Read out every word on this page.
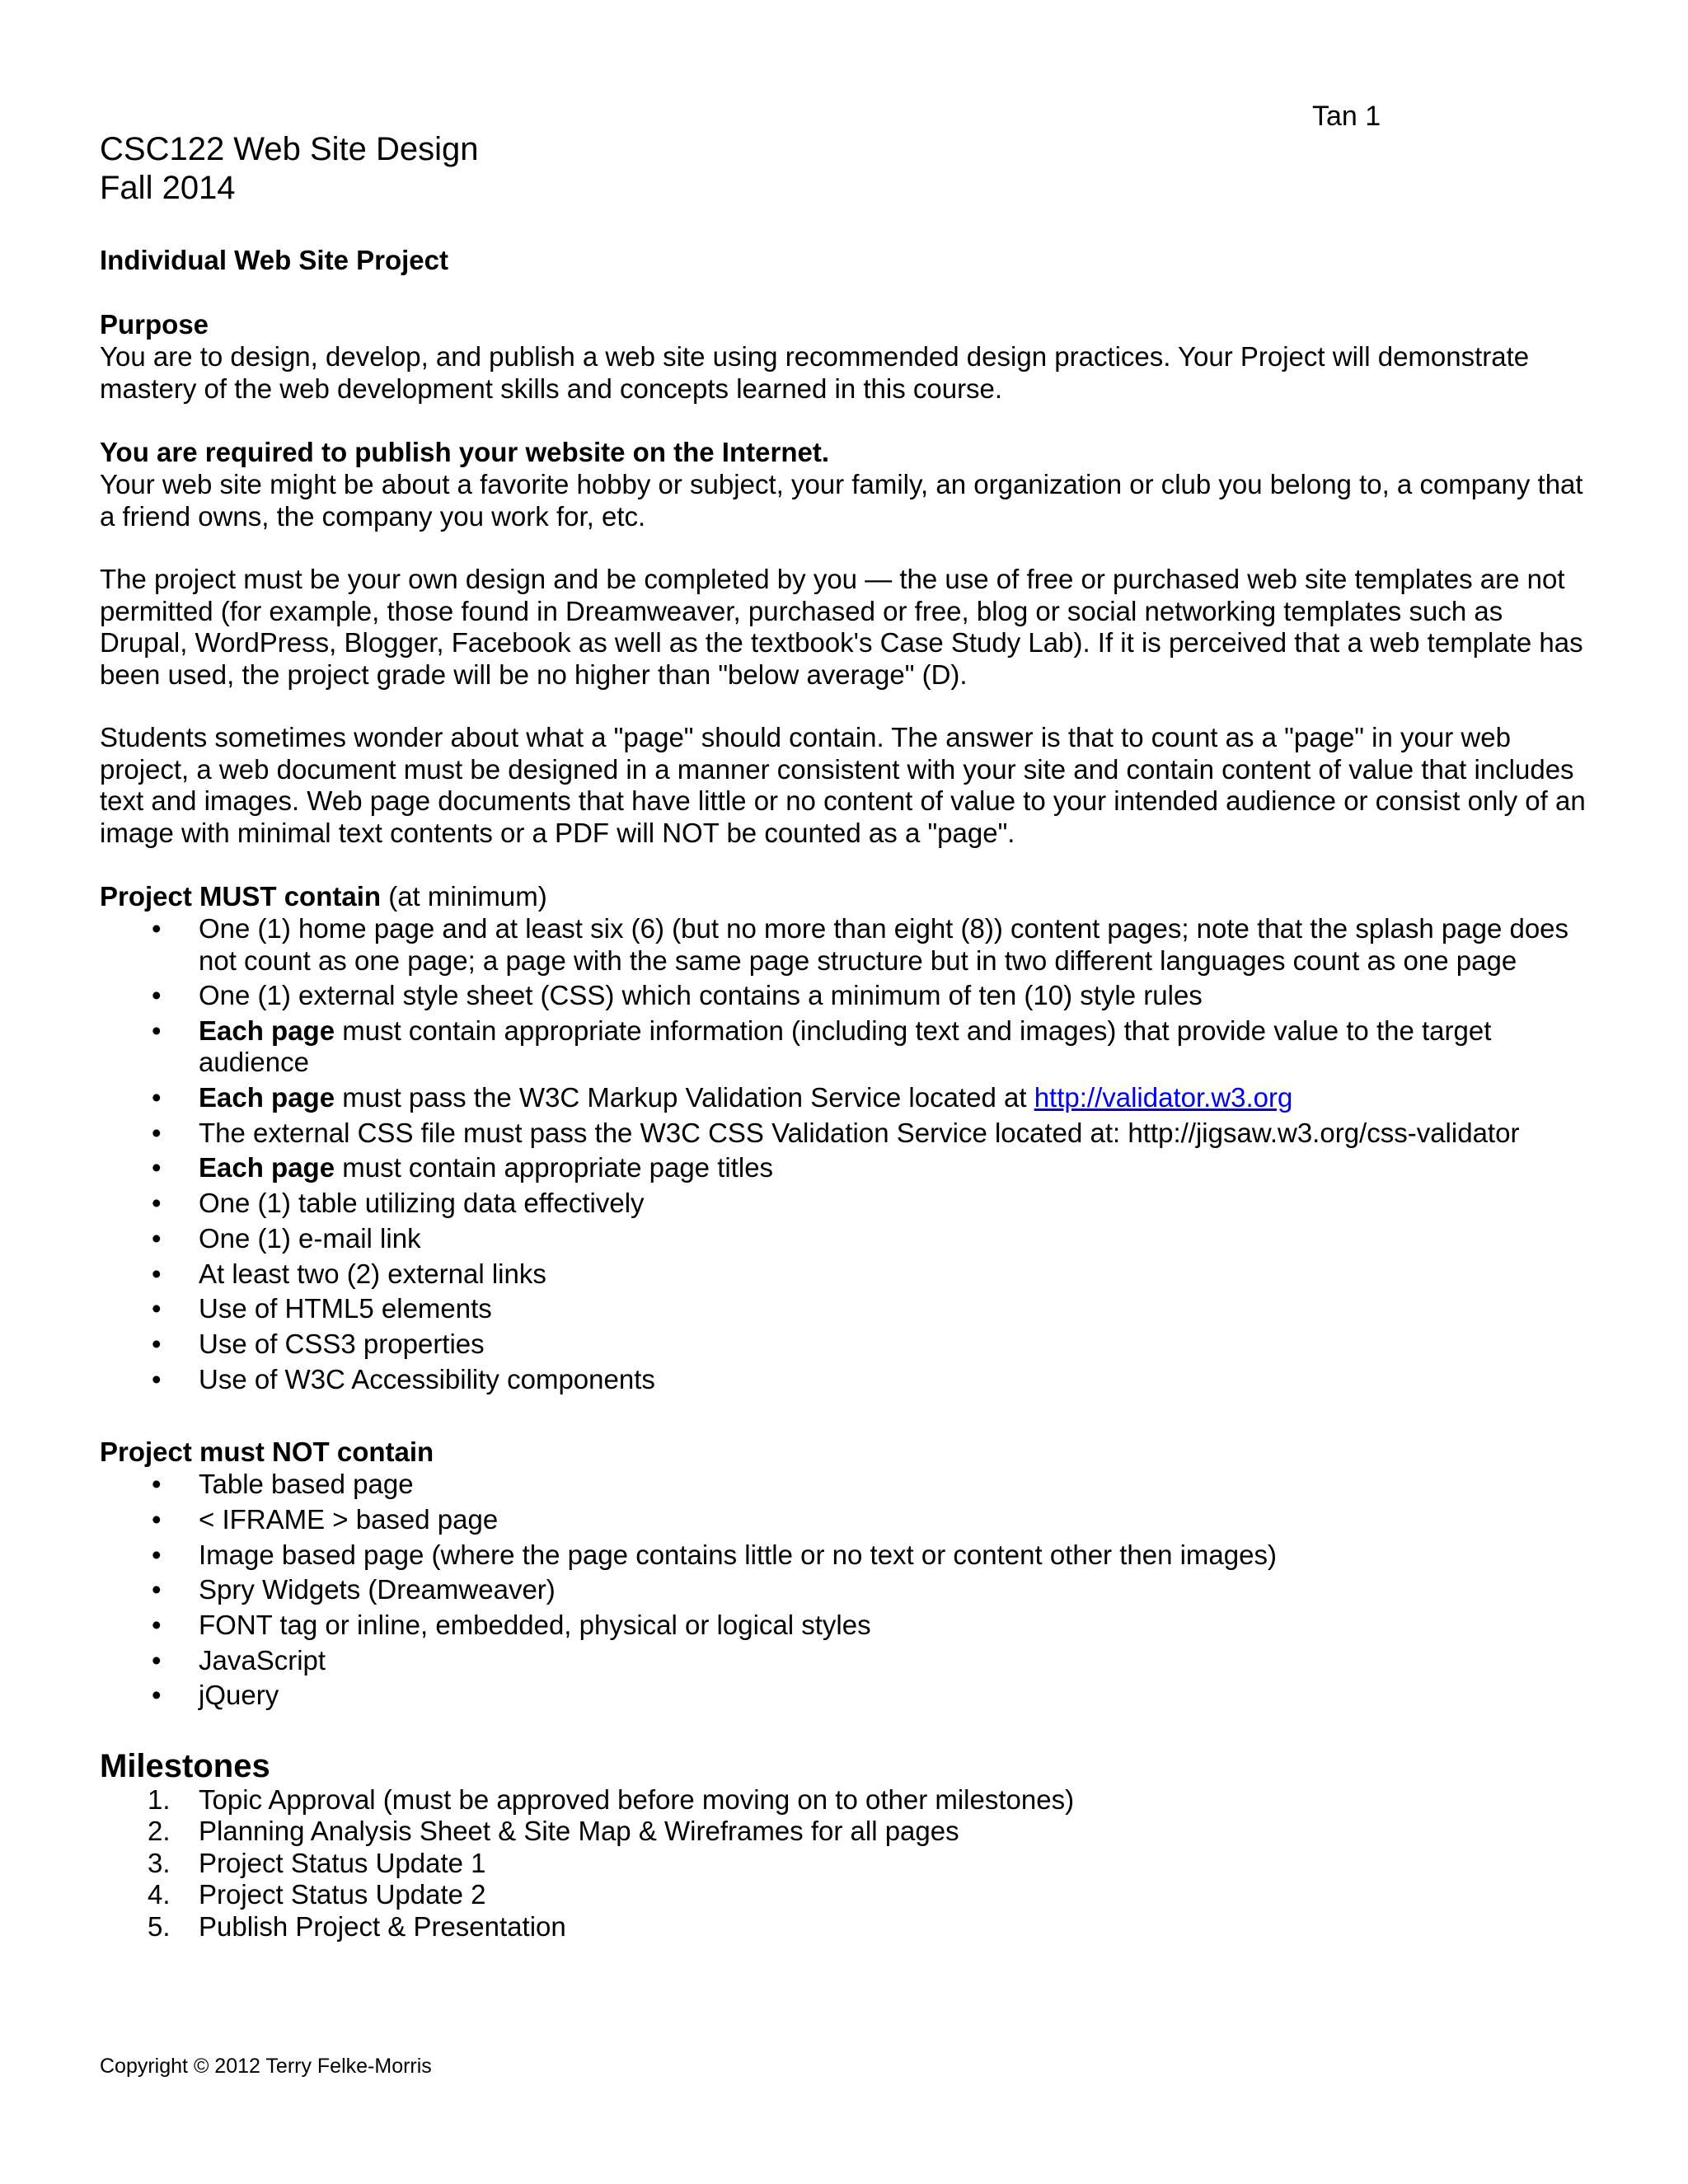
Tan 1

CSC122 Web Site Design

Fall 2014

Individual Web Site Project

Purpose

You are to design, develop, and publish a web site using recommended design practices. Your Project will demonstrate mastery of the web development skills and concepts learned in this course.

You are required to publish your website on the Internet.

Your web site might be about a favorite hobby or subject, your family, an organization or club you belong to, a company that a friend owns, the company you work for, etc.

The project must be your own design and be completed by you — the use of free or purchased web site templates are not permitted (for example, those found in Dreamweaver, purchased or free, blog or social networking templates such as Drupal, WordPress, Blogger, Facebook as well as the textbook's Case Study Lab). If it is perceived that a web template has been used, the project grade will be no higher than "below average" (D).

Students sometimes wonder about what a "page" should contain. The answer is that to count as a "page" in your web project, a web document must be designed in a manner consistent with your site and contain content of value that includes text and images. Web page documents that have little or no content of value to your intended audience or consist only of an image with minimal text contents or a PDF will NOT be counted as a "page".

Project MUST contain (at minimum)

• One (1) home page and at least six (6) (but no more than eight (8)) content pages; note that the splash page does not count as one page; a page with the same page structure but in two different languages count as one page
• One (1) external style sheet (CSS) which contains a minimum of ten (10) style rules
• Each page must contain appropriate information (including text and images) that provide value to the target audience
• Each page must pass the W3C Markup Validation Service located at http://validator.w3.org
• The external CSS file must pass the W3C CSS Validation Service located at: http://jigsaw.w3.org/css-validator
• Each page must contain appropriate page titles
• One (1) table utilizing data effectively
• One (1) e-mail link
• At least two (2) external links
• Use of HTML5 elements
• Use of CSS3 properties
• Use of W3C Accessibility components

Project must NOT contain

• Table based page
• < IFRAME > based page
• Image based page (where the page contains little or no text or content other then images)
• Spry Widgets (Dreamweaver)
• FONT tag or inline, embedded, physical or logical styles
• JavaScript
• jQuery

Milestones

1. Topic Approval (must be approved before moving on to other milestones)
2. Planning Analysis Sheet & Site Map & Wireframes for all pages
3. Project Status Update 1
4. Project Status Update 2
5. Publish Project & Presentation
Copyright © 2012 Terry Felke-Morris
